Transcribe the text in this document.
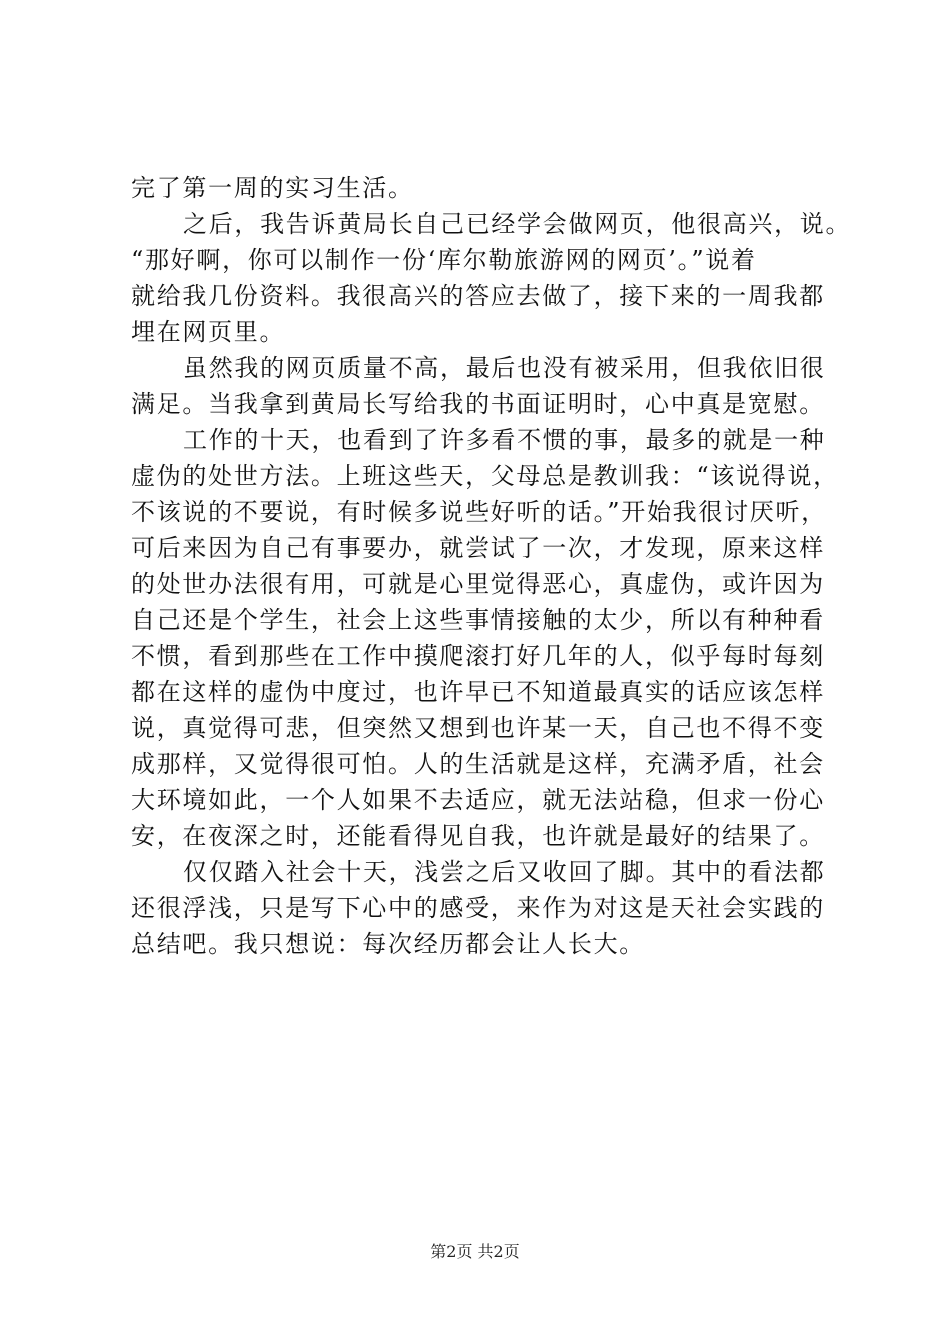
完了第一周的实习生活。
之后，我告诉黄局长自己已经学会做网页，他很高兴，说。
“那好啊，你可以制作一份‘库尔勒旅游网的网页’。”说着
就给我几份资料。我很高兴的答应去做了，接下来的一周我都
埋在网页里。
虽然我的网页质量不高，最后也没有被采用，但我依旧很
满足。当我拿到黄局长写给我的书面证明时，心中真是宽慰。
工作的十天，也看到了许多看不惯的事，最多的就是一种
虚伪的处世方法。上班这些天，父母总是教训我：“该说得说，
不该说的不要说，有时候多说些好听的话。”开始我很讨厌听，
可后来因为自己有事要办，就尝试了一次，才发现，原来这样
的处世办法很有用，可就是心里觉得恶心，真虚伪，或许因为
自己还是个学生，社会上这些事情接触的太少，所以有种种看
不惯，看到那些在工作中摸爬滚打好几年的人，似乎每时每刻
都在这样的虚伪中度过，也许早已不知道最真实的话应该怎样
说，真觉得可悲，但突然又想到也许某一天，自己也不得不变
成那样，又觉得很可怕。人的生活就是这样，充满矛盾，社会
大环境如此，一个人如果不去适应，就无法站稳，但求一份心
安，在夜深之时，还能看得见自我，也许就是最好的结果了。
仅仅踏入社会十天，浅尝之后又收回了脚。其中的看法都
还很浮浅，只是写下心中的感受，来作为对这是天社会实践的
总结吧。我只想说：每次经历都会让人长大。
第2页 共2页
